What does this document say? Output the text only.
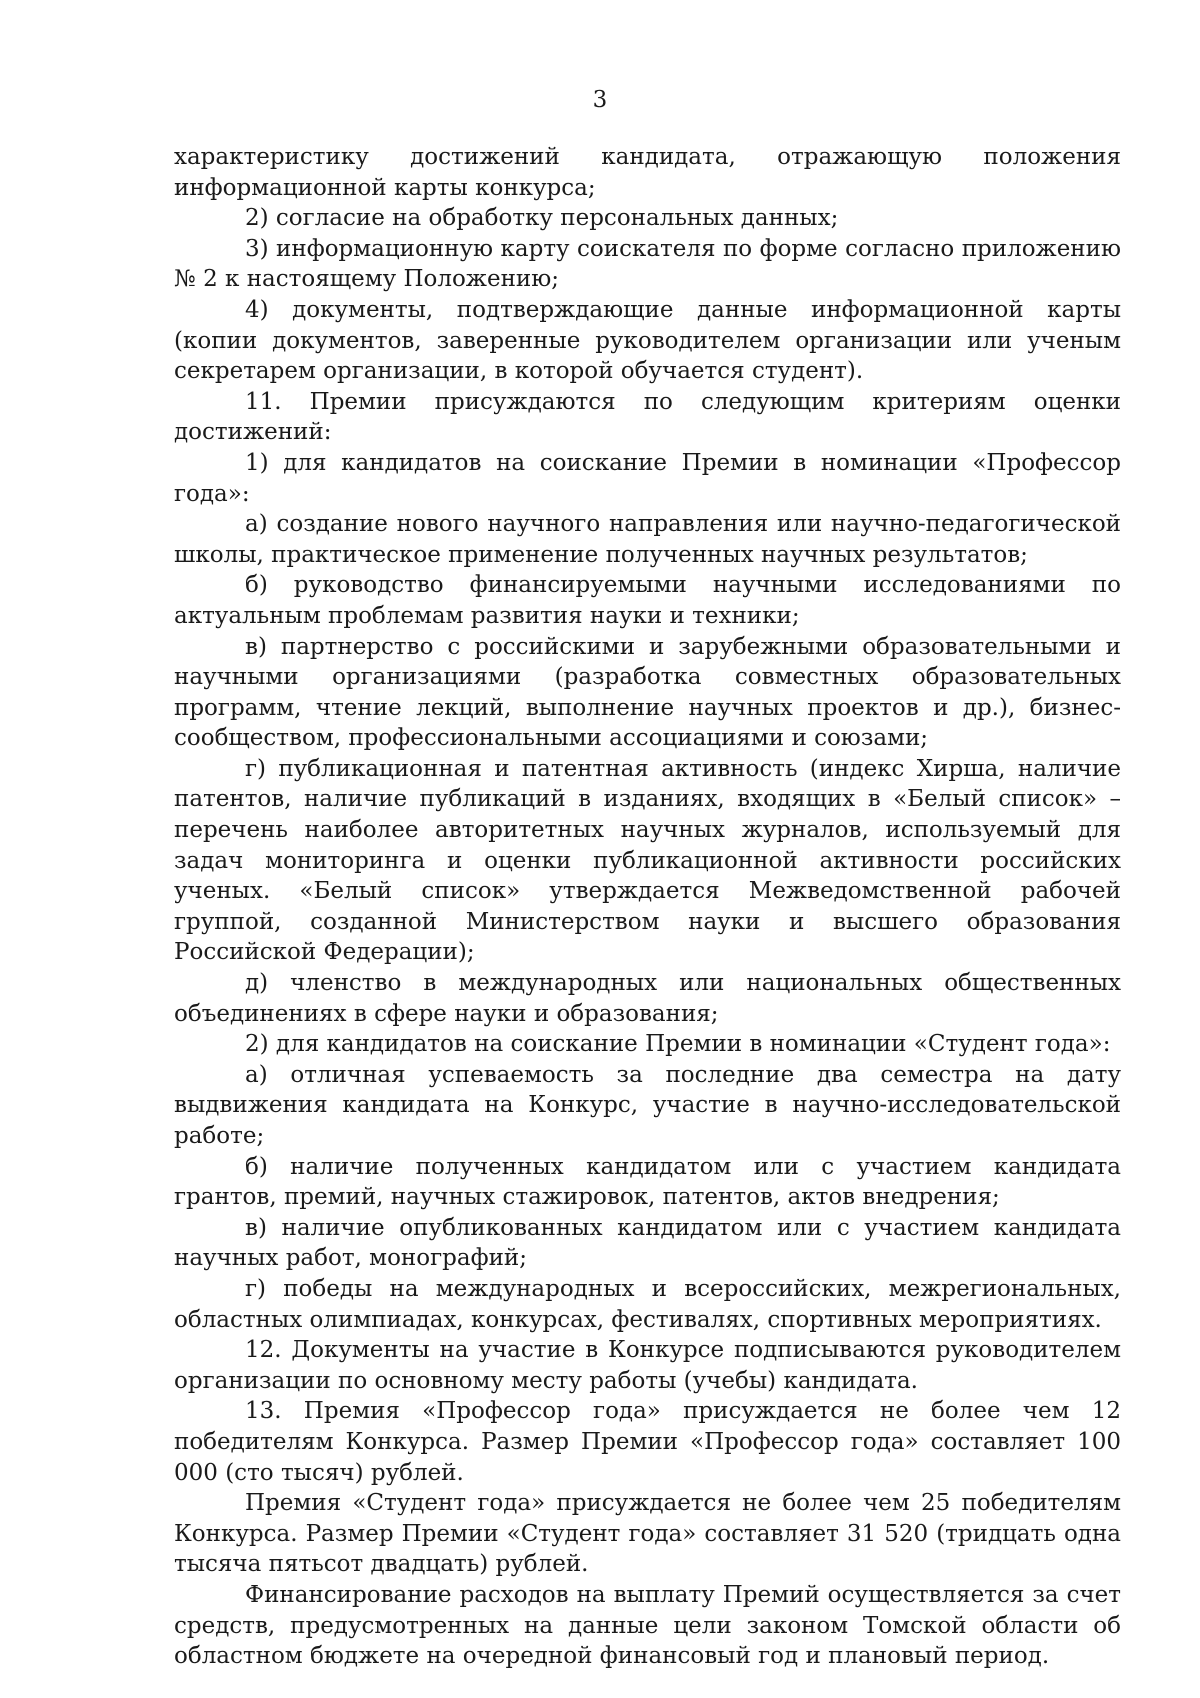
3

характеристику достижений кандидата, отражающую положения информационной карты конкурса;

2) согласие на обработку персональных данных;

3) информационную карту соискателя по форме согласно приложению № 2 к настоящему Положению;

4) документы, подтверждающие данные информационной карты (копии документов, заверенные руководителем организации или ученым секретарем организации, в которой обучается студент).

11. Премии присуждаются по следующим критериям оценки достижений:

1) для кандидатов на соискание Премии в номинации «Профессор года»:

а) создание нового научного направления или научно-педагогической школы, практическое применение полученных научных результатов;

б) руководство финансируемыми научными исследованиями по актуальным проблемам развития науки и техники;

в) партнерство с российскими и зарубежными образовательными и научными организациями (разработка совместных образовательных программ, чтение лекций, выполнение научных проектов и др.), бизнес-сообществом, профессиональными ассоциациями и союзами;

г) публикационная и патентная активность (индекс Хирша, наличие патентов, наличие публикаций в изданиях, входящих в «Белый список» – перечень наиболее авторитетных научных журналов, используемый для задач мониторинга и оценки публикационной активности российских ученых. «Белый список» утверждается Межведомственной рабочей группой, созданной Министерством науки и высшего образования Российской Федерации);

д) членство в международных или национальных общественных объединениях в сфере науки и образования;

2) для кандидатов на соискание Премии в номинации «Студент года»:

а) отличная успеваемость за последние два семестра на дату выдвижения кандидата на Конкурс, участие в научно-исследовательской работе;

б) наличие полученных кандидатом или с участием кандидата грантов, премий, научных стажировок, патентов, актов внедрения;

в) наличие опубликованных кандидатом или с участием кандидата научных работ, монографий;

г) победы на международных и всероссийских, межрегиональных, областных олимпиадах, конкурсах, фестивалях, спортивных мероприятиях.

12. Документы на участие в Конкурсе подписываются руководителем организации по основному месту работы (учебы) кандидата.

13. Премия «Профессор года» присуждается не более чем 12 победителям Конкурса. Размер Премии «Профессор года» составляет 100 000 (сто тысяч) рублей.

Премия «Студент года» присуждается не более чем 25 победителям Конкурса. Размер Премии «Студент года» составляет 31 520 (тридцать одна тысяча пятьсот двадцать) рублей.

Финансирование расходов на выплату Премий осуществляется за счет средств, предусмотренных на данные цели законом Томской области об областном бюджете на очередной финансовый год и плановый период.
